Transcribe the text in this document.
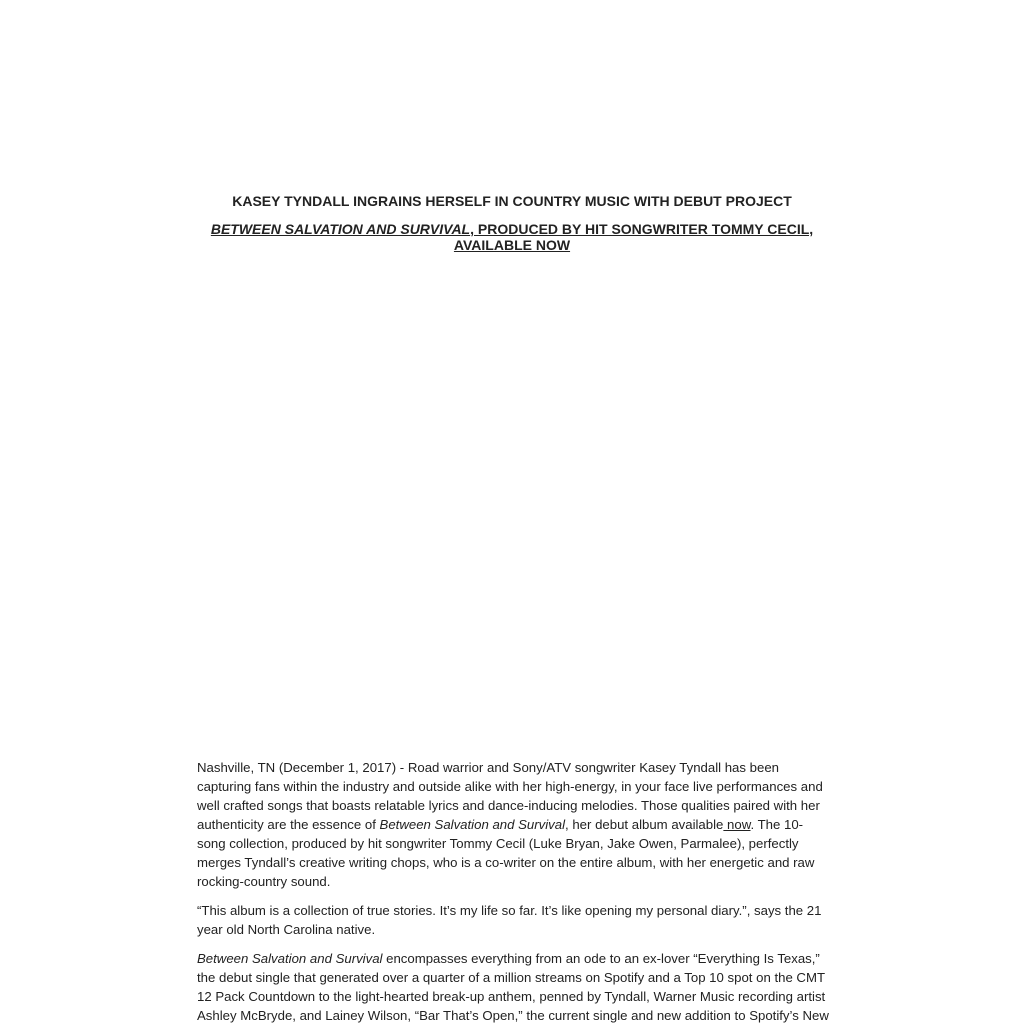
KASEY TYNDALL INGRAINS HERSELF IN COUNTRY MUSIC WITH DEBUT PROJECT
BETWEEN SALVATION AND SURVIVAL, PRODUCED BY HIT SONGWRITER TOMMY CECIL, AVAILABLE NOW

Nashville, TN (December 1, 2017) - Road warrior and Sony/ATV songwriter Kasey Tyndall has been capturing fans within the industry and outside alike with her high-energy, in your face live performances and well crafted songs that boasts relatable lyrics and dance-inducing melodies. Those qualities paired with her authenticity are the essence of Between Salvation and Survival, her debut album available now. The 10-song collection, produced by hit songwriter Tommy Cecil (Luke Bryan, Jake Owen, Parmalee), perfectly merges Tyndall’s creative writing chops, who is a co-writer on the entire album, with her energetic and raw rocking-country sound.

“This album is a collection of true stories. It’s my life so far. It’s like opening my personal diary.”, says the 21 year old North Carolina native.

Between Salvation and Survival encompasses everything from an ode to an ex-lover “Everything Is Texas,” the debut single that generated over a quarter of a million streams on Spotify and a Top 10 spot on the CMT 12 Pack Countdown to the light-hearted break-up anthem, penned by Tyndall, Warner Music recording artist Ashley McBryde, and Lainey Wilson, “Bar That’s Open,” the current single and new addition to Spotify’s New
